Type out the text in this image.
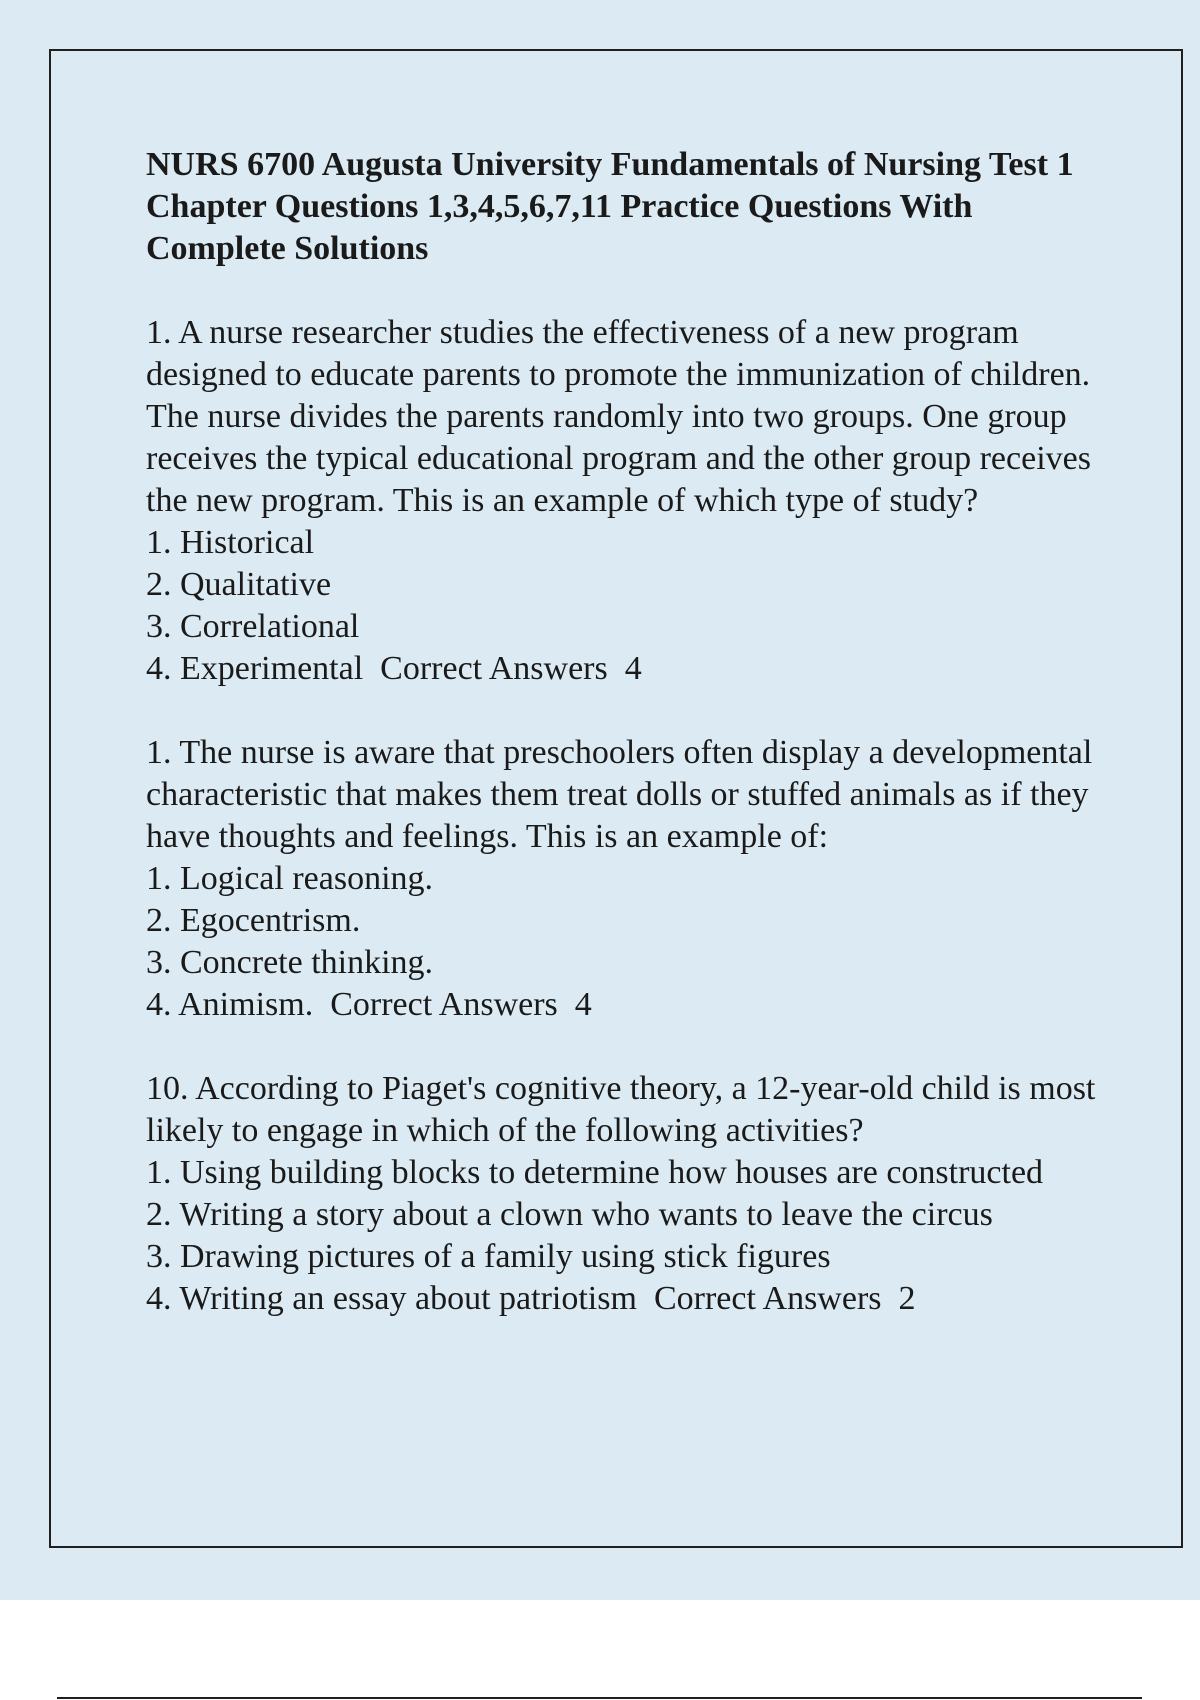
NURS 6700 Augusta University Fundamentals of Nursing Test 1 Chapter Questions 1,3,4,5,6,7,11 Practice Questions With Complete Solutions
1. A nurse researcher studies the effectiveness of a new program designed to educate parents to promote the immunization of children. The nurse divides the parents randomly into two groups. One group receives the typical educational program and the other group receives the new program. This is an example of which type of study?
1. Historical
2. Qualitative
3. Correlational
4. Experimental Correct Answers 4
1. The nurse is aware that preschoolers often display a developmental characteristic that makes them treat dolls or stuffed animals as if they have thoughts and feelings. This is an example of:
1. Logical reasoning.
2. Egocentrism.
3. Concrete thinking.
4. Animism. Correct Answers 4
10. According to Piaget's cognitive theory, a 12-year-old child is most likely to engage in which of the following activities?
1. Using building blocks to determine how houses are constructed
2. Writing a story about a clown who wants to leave the circus
3. Drawing pictures of a family using stick figures
4. Writing an essay about patriotism Correct Answers 2
